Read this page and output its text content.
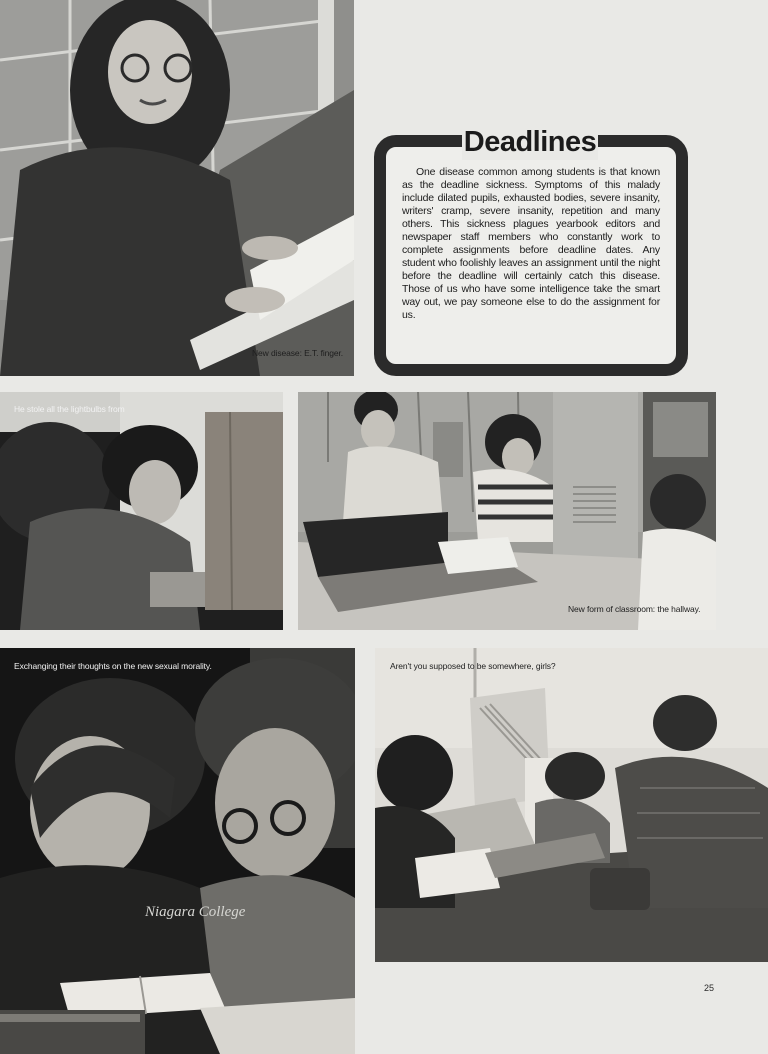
New disease: E.T. finger.
Deadlines
One disease common among students is that known as the deadline sickness. Symptoms of this malady include dilated pupils, exhausted bodies, severe insanity, writers' cramp, severe insanity, repetition and many others. This sickness plagues yearbook editors and newspaper staff members who constantly work to complete assignments before deadline dates. Any student who foolishly leaves an assignment until the night before the deadline will certainly catch this disease. Those of us who have some intelligence take the smart way out, we pay someone else to do the assignment for us.
He stole all the lightbulbs from
New form of classroom: the hallway.
Niagara College
Exchanging their thoughts on the new sexual morality.	Aren't you supposed to be somewhere, girls?
25
